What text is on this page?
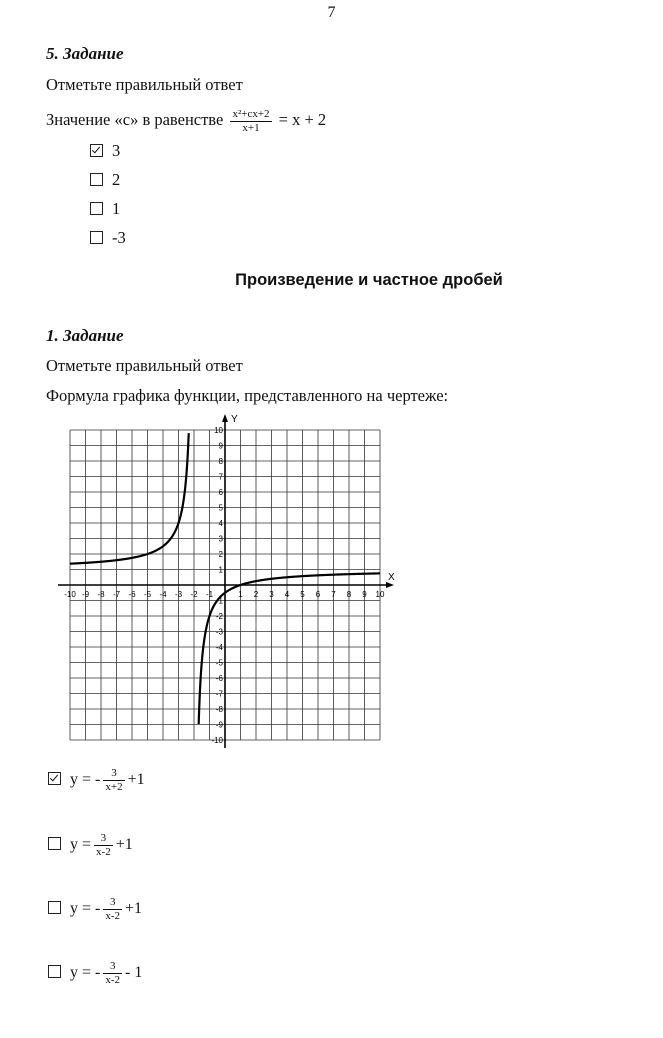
7
5. Задание
Отметьте правильный ответ
Значение «с» в равенстве $\frac{\text{x²+cx+2}}{x+1} = x + 2$
3
2
1
-3
Произведение и частное дробей
1. Задание
Отметьте правильный ответ
Формула графика функции, представленного на чертеже:
X
Y
-10 -9 -8 -7 -6 -5 -4 -3 -2 -1	1 2 3 4 5 6 7 8 9 10
10
9
8
7
6
5
4
3
2
1
-1
-2
-3
-4
-5
-6
-7
-8
-9
-10
y = - $\frac{3}{x+2} +1$
$y = \frac{3}{x-2} +1$
y = - $\frac{3}{x-2} +1$
y = - $\frac{3}{x-2} - 1$
